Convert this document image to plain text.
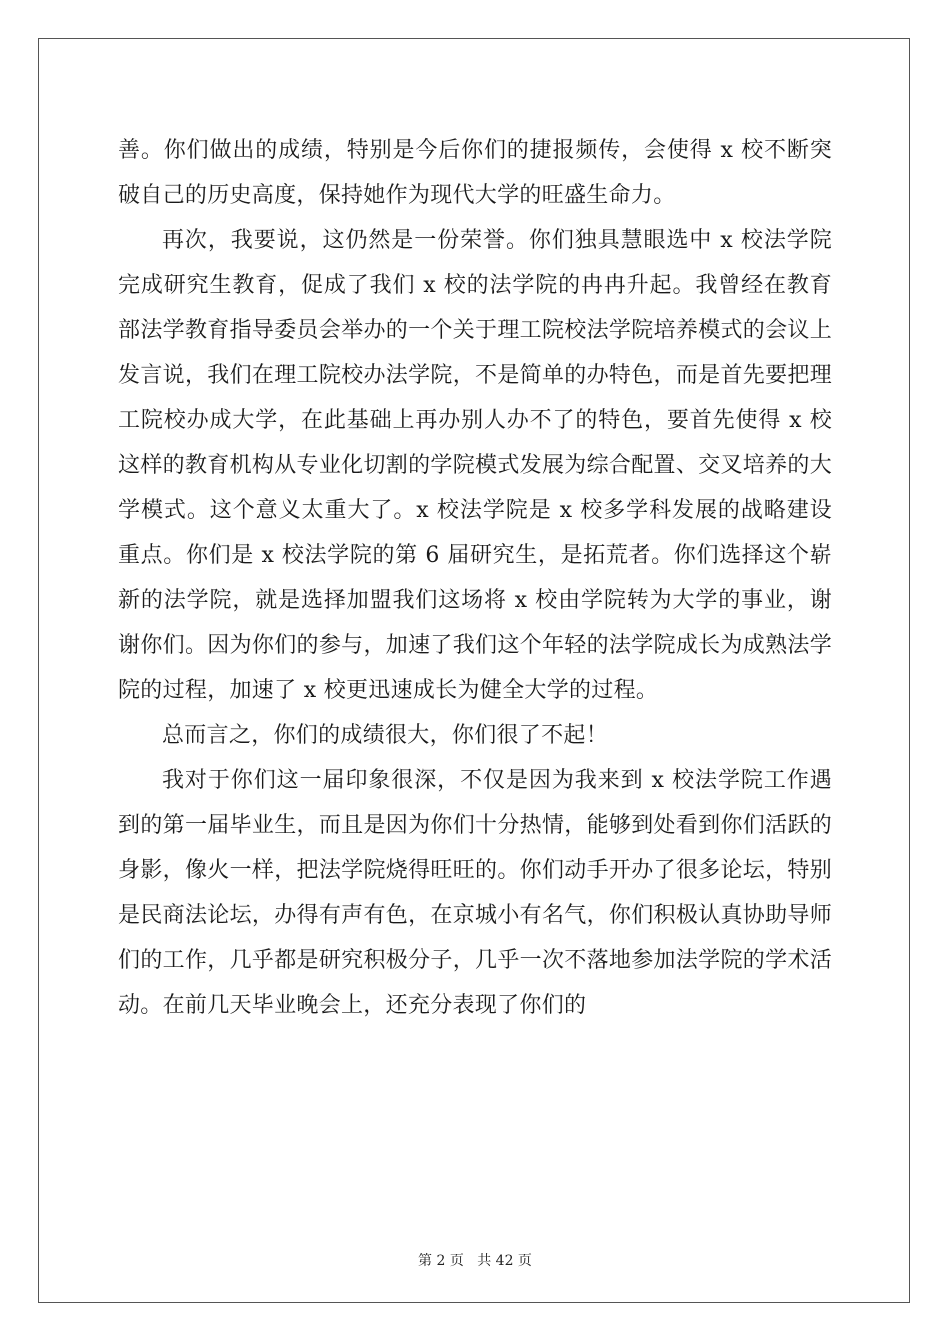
善。你们做出的成绩，特别是今后你们的捷报频传，会使得 x 校不断突破自己的历史高度，保持她作为现代大学的旺盛生命力。

再次，我要说，这仍然是一份荣誉。你们独具慧眼选中 x 校法学院完成研究生教育，促成了我们 x 校的法学院的冉冉升起。我曾经在教育部法学教育指导委员会举办的一个关于理工院校法学院培养模式的会议上发言说，我们在理工院校办法学院，不是简单的办特色，而是首先要把理工院校办成大学，在此基础上再办别人办不了的特色，要首先使得 x 校这样的教育机构从专业化切割的学院模式发展为综合配置、交叉培养的大学模式。这个意义太重大了。x 校法学院是 x 校多学科发展的战略建设重点。你们是 x 校法学院的第 6 届研究生，是拓荒者。你们选择这个崭新的法学院，就是选择加盟我们这场将 x 校由学院转为大学的事业，谢谢你们。因为你们的参与，加速了我们这个年轻的法学院成长为成熟法学院的过程，加速了 x 校更迅速成长为健全大学的过程。

总而言之，你们的成绩很大，你们很了不起！

我对于你们这一届印象很深，不仅是因为我来到 x 校法学院工作遇到的第一届毕业生，而且是因为你们十分热情，能够到处看到你们活跃的身影，像火一样，把法学院烧得旺旺的。你们动手开办了很多论坛，特别是民商法论坛，办得有声有色，在京城小有名气，你们积极认真协助导师们的工作，几乎都是研究积极分子，几乎一次不落地参加法学院的学术活动。在前几天毕业晚会上，还充分表现了你们的

第 2 页 共 42 页
